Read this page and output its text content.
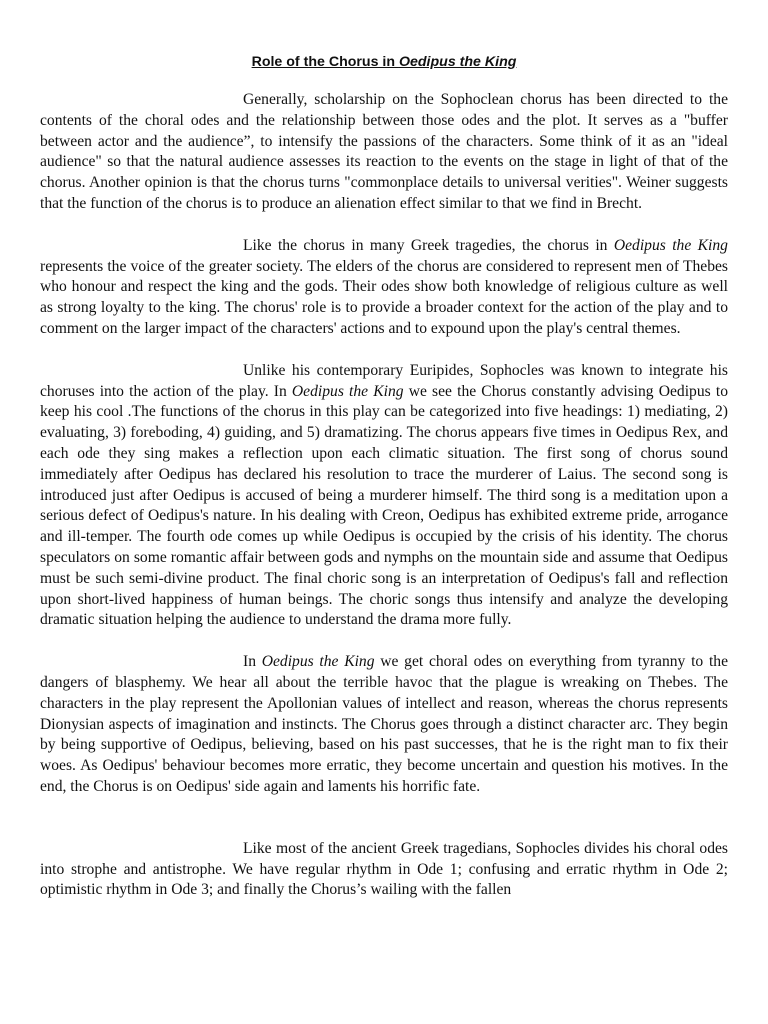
Role of the Chorus in Oedipus the King

Generally, scholarship on the Sophoclean chorus has been directed to the contents of the choral odes and the relationship between those odes and the plot. It serves as a "buffer between actor and the audience”, to intensify the passions of the characters. Some think of it as an "ideal audience" so that the natural audience assesses its reaction to the events on the stage in light of that of the chorus. Another opinion is that the chorus turns "commonplace details to universal verities". Weiner suggests that the function of the chorus is to produce an alienation effect similar to that we find in Brecht.

Like the chorus in many Greek tragedies, the chorus in Oedipus the King represents the voice of the greater society. The elders of the chorus are considered to represent men of Thebes who honour and respect the king and the gods. Their odes show both knowledge of religious culture as well as strong loyalty to the king. The chorus' role is to provide a broader context for the action of the play and to comment on the larger impact of the characters' actions and to expound upon the play's central themes.

Unlike his contemporary Euripides, Sophocles was known to integrate his choruses into the action of the play. In Oedipus the King we see the Chorus constantly advising Oedipus to keep his cool .The functions of the chorus in this play can be categorized into five headings: 1) mediating, 2) evaluating, 3) foreboding, 4) guiding, and 5) dramatizing. The chorus appears five times in Oedipus Rex, and each ode they sing makes a reflection upon each climatic situation. The first song of chorus sound immediately after Oedipus has declared his resolution to trace the murderer of Laius. The second song is introduced just after Oedipus is accused of being a murderer himself. The third song is a meditation upon a serious defect of Oedipus's nature. In his dealing with Creon, Oedipus has exhibited extreme pride, arrogance and ill-temper. The fourth ode comes up while Oedipus is occupied by the crisis of his identity. The chorus speculators on some romantic affair between gods and nymphs on the mountain side and assume that Oedipus must be such semi-divine product. The final choric song is an interpretation of Oedipus's fall and reflection upon short-lived happiness of human beings. The choric songs thus intensify and analyze the developing dramatic situation helping the audience to understand the drama more fully.

In Oedipus the King we get choral odes on everything from tyranny to the dangers of blasphemy. We hear all about the terrible havoc that the plague is wreaking on Thebes. The characters in the play represent the Apollonian values of intellect and reason, whereas the chorus represents Dionysian aspects of imagination and instincts. The Chorus goes through a distinct character arc. They begin by being supportive of Oedipus, believing, based on his past successes, that he is the right man to fix their woes. As Oedipus' behaviour becomes more erratic, they become uncertain and question his motives. In the end, the Chorus is on Oedipus' side again and laments his horrific fate.

Like most of the ancient Greek tragedians, Sophocles divides his choral odes into strophe and antistrophe. We have regular rhythm in Ode 1; confusing and erratic rhythm in Ode 2; optimistic rhythm in Ode 3; and finally the Chorus’s wailing with the fallen
